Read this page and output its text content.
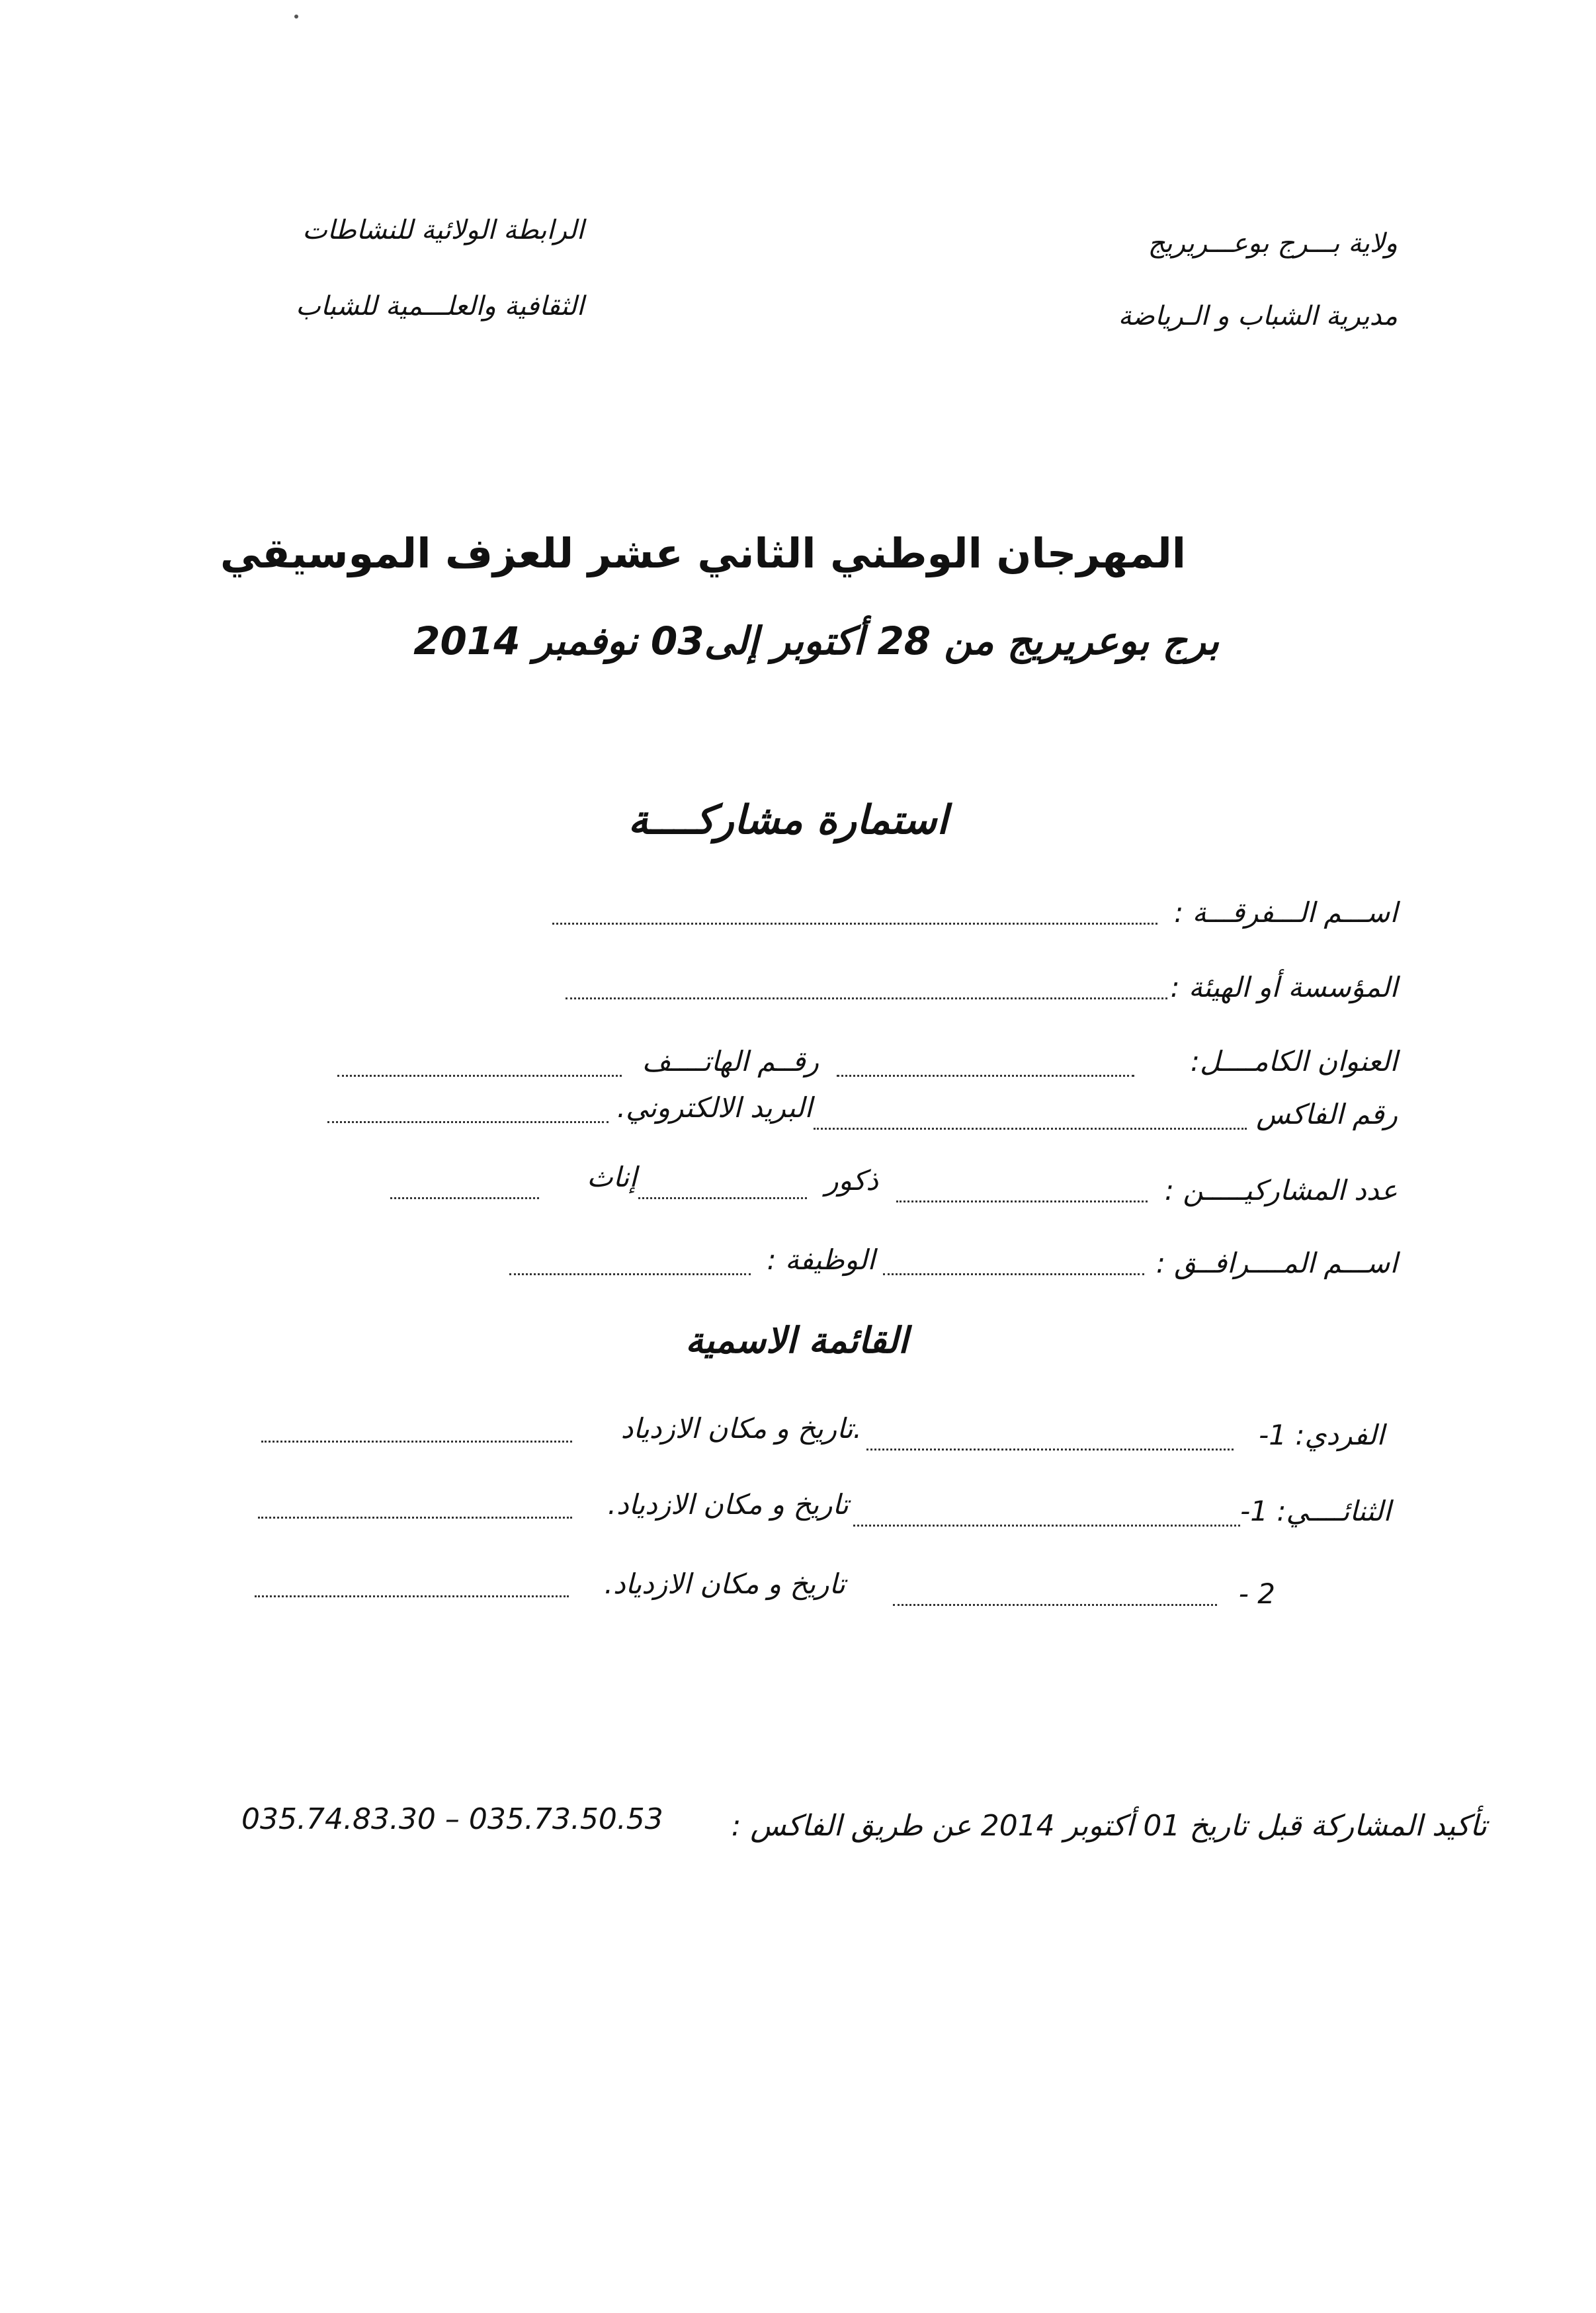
ولاية بـــرج بوعـــريريج
مديرية الشباب و الـرياضة
الرابطة الولائية للنشاطات
الثقافية والعلـــمية للشباب
المهرجان الوطني الثاني عشر للعزف الموسيقي
برج بوعريريج من 28 أكتوبر إلى03 نوفمبر 2014
استمارة مشاركــــة
اســـم الـــفرقـــة :
المؤسسة أو الهيئة :
العنوان الكامــــل:
رقــم الهاتــــف
رقم الفاكس
البريد الالكتروني.
عدد المشاركيـــــن :
ذكور
إناث
اســـم المــــرافــق :
الوظيفة :
القائمة الاسمية
الفردي: 1-
.تاريخ و مكان الازدياد
الثنائــــي: 1-
تاريخ و مكان الازدياد.
2 -
تاريخ و مكان الازدياد.
تأكيد المشاركة قبل تاريخ 01 أكتوبر 2014 عن طريق الفاكس :
035.74.83.30 – 035.73.50.53
